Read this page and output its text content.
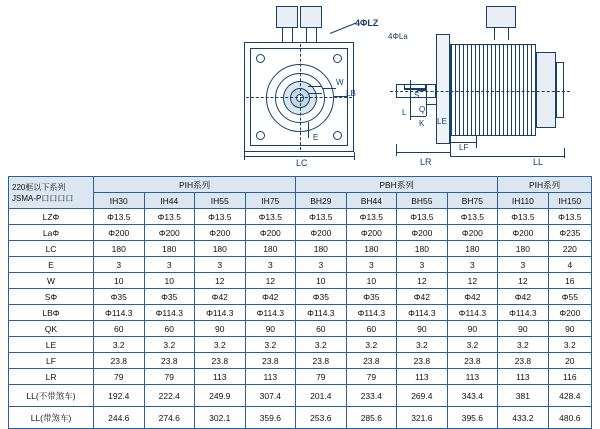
4ΦLZ
4ΦLa
W
E
LB
LC
S
Q
K
L
LE
LF
LR	LL
220框以下系列
JSMA-P口口口口	PIH系列				PBH系列				PIH系列	
	IH30	IH44	IH55	IH75	BH29	BH44	BH55	BH75	IH110	IH150
LZΦ	Φ13.5	Φ13.5	Φ13.5	Φ13.5	Φ13.5	Φ13.5	Φ13.5	Φ13.5	Φ13.5	Φ13.5
LaΦ	Φ200	Φ200	Φ200	Φ200	Φ200	Φ200	Φ200	Φ200	Φ200	Φ235
LC	180	180	180	180	180	180	180	180	180	220
E	3	3	3	3	3	3	3	3	3	4
W	10	10	12	12	10	10	12	12	12	16
SΦ	Φ35	Φ35	Φ42	Φ42	Φ35	Φ35	Φ42	Φ42	Φ42	Φ55
LBΦ	Φ114.3	Φ114.3	Φ114.3	Φ114.3	Φ114.3	Φ114.3	Φ114.3	Φ114.3	Φ114.3	Φ200
QK	60	60	90	90	60	60	90	90	90	90
LE	3.2	3.2	3.2	3.2	3.2	3.2	3.2	3.2	3.2	3.2
LF	23.8	23.8	23.8	23.8	23.8	23.8	23.8	23.8	23.8	20
LR	79	79	113	113	79	79	113	113	113	116
LL(不带煞车)	192.4	222.4	249.9	307.4	201.4	233.4	269.4	343.4	381	428.4
LL(带煞车)	244.6	274.6	302.1	359.6	253.6	285.6	321.6	395.6	433.2	480.6
